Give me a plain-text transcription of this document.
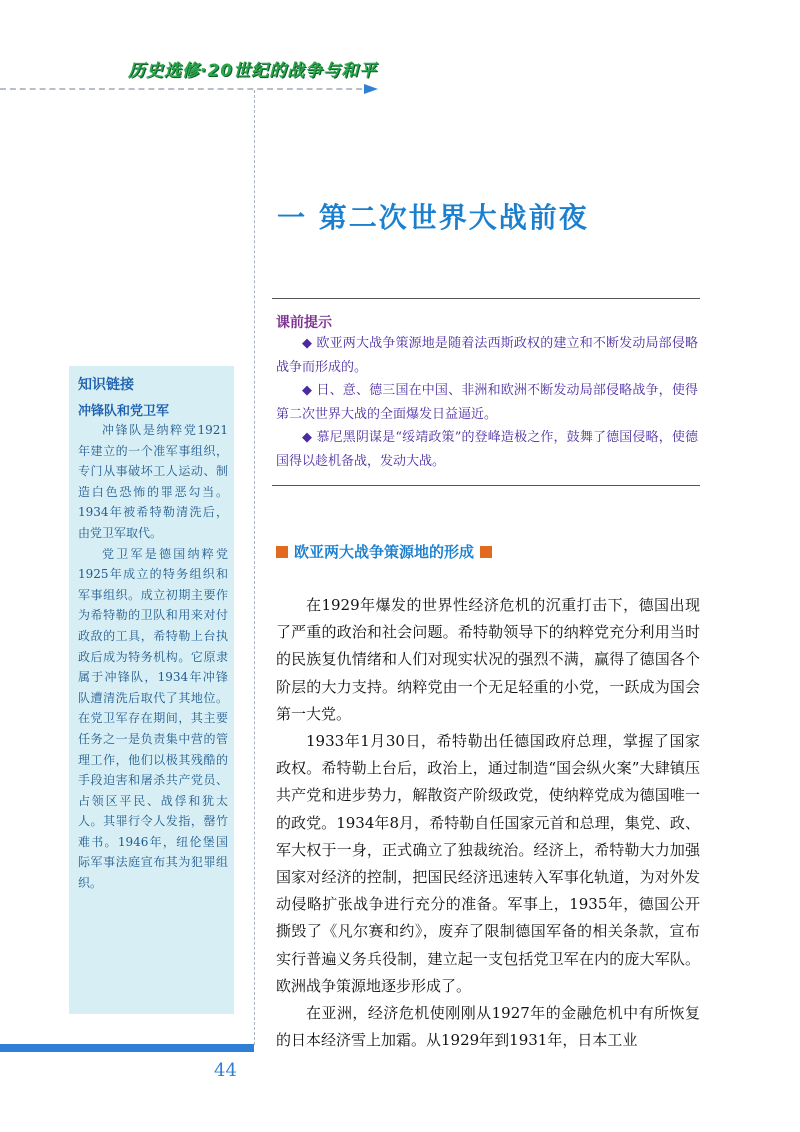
历史选修·20世纪的战争与和平
一 第二次世界大战前夜
课前提示

◆ 欧亚两大战争策源地是随着法西斯政权的建立和不断发动局部侵略战争而形成的。

◆ 日、意、德三国在中国、非洲和欧洲不断发动局部侵略战争，使得第二次世界大战的全面爆发日益逼近。

◆ 慕尼黑阴谋是“绥靖政策”的登峰造极之作，鼓舞了德国侵略，使德国得以趁机备战，发动大战。

知识链接
冲锋队和党卫军

冲锋队是纳粹党1921年建立的一个准军事组织，专门从事破坏工人运动、制造白色恐怖的罪恶勾当。1934年被希特勒清洗后，由党卫军取代。

党卫军是德国纳粹党1925年成立的特务组织和军事组织。成立初期主要作为希特勒的卫队和用来对付政敌的工具，希特勒上台执政后成为特务机构。它原隶属于冲锋队，1934年冲锋队遭清洗后取代了其地位。在党卫军存在期间，其主要任务之一是负责集中营的管理工作，他们以极其残酷的手段迫害和屠杀共产党员、占领区平民、战俘和犹太人。其罪行令人发指，罄竹难书。1946年，纽伦堡国际军事法庭宣布其为犯罪组织。

欧亚两大战争策源地的形成

在1929年爆发的世界性经济危机的沉重打击下，德国出现了严重的政治和社会问题。希特勒领导下的纳粹党充分利用当时的民族复仇情绪和人们对现实状况的强烈不满，赢得了德国各个阶层的大力支持。纳粹党由一个无足轻重的小党，一跃成为国会第一大党。

1933年1月30日，希特勒出任德国政府总理，掌握了国家政权。希特勒上台后，政治上，通过制造“国会纵火案”大肆镇压共产党和进步势力，解散资产阶级政党，使纳粹党成为德国唯一的政党。1934年8月，希特勒自任国家元首和总理，集党、政、军大权于一身，正式确立了独裁统治。经济上，希特勒大力加强国家对经济的控制，把国民经济迅速转入军事化轨道，为对外发动侵略扩张战争进行充分的准备。军事上，1935年，德国公开撕毁了《凡尔赛和约》，废弃了限制德国军备的相关条款，宣布实行普遍义务兵役制，建立起一支包括党卫军在内的庞大军队。欧洲战争策源地逐步形成了。

在亚洲，经济危机使刚刚从1927年的金融危机中有所恢复的日本经济雪上加霜。从1929年到1931年，日本工业

44
